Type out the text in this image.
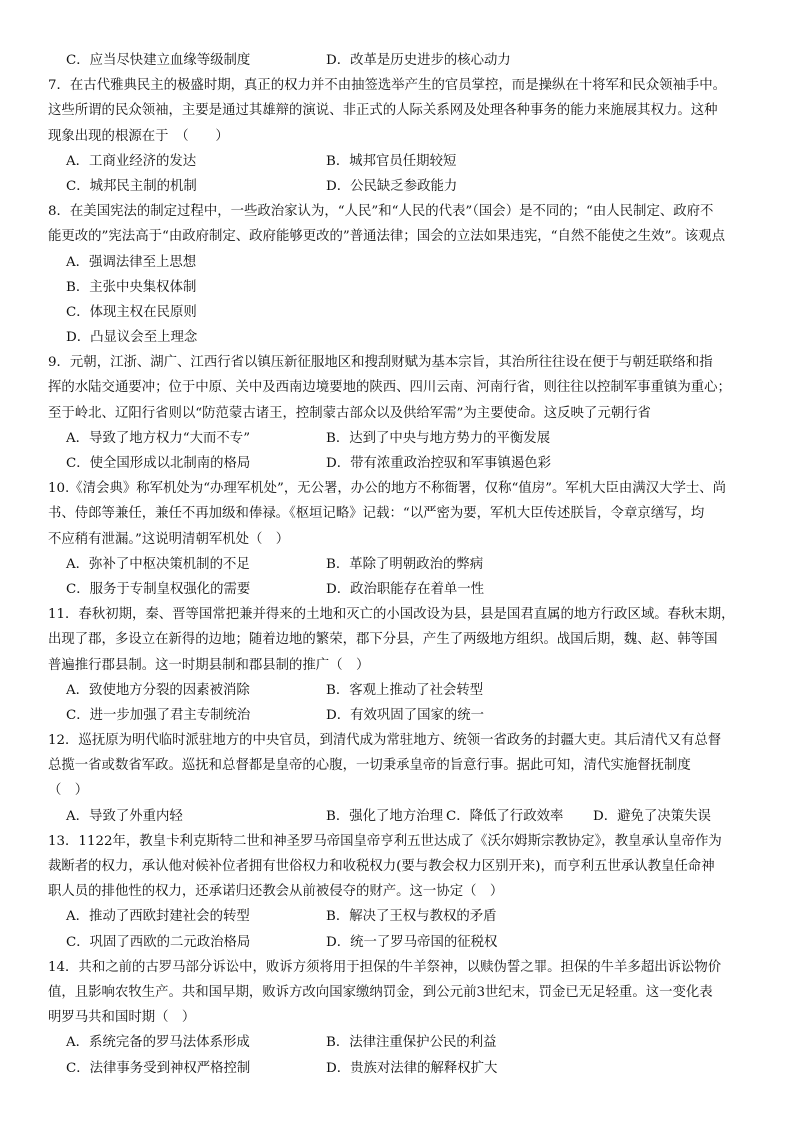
C．应当尽快建立血缘等级制度	D．改革是历史进步的核心动力
7．在古代雅典民主的极盛时期，真正的权力并不由抽签选举产生的官员掌控，而是操纵在十将军和民众领袖手中。
这些所谓的民众领袖，主要是通过其雄辩的演说、非正式的人际关系网及处理各种事务的能力来施展其权力。这种
现象出现的根源在于　（　　）
A．工商业经济的发达	B．城邦官员任期较短
C．城邦民主制的机制	D．公民缺乏参政能力
8．在美国宪法的制定过程中，一些政治家认为，“人民”和“人民的代表”（国会）是不同的；“由人民制定、政府不
能更改的”宪法高于“由政府制定、政府能够更改的”普通法律；国会的立法如果违宪，“自然不能使之生效”。该观点
A．强调法律至上思想
B．主张中央集权体制
C．体现主权在民原则
D．凸显议会至上理念
9．元朝，江浙、湖广、江西行省以镇压新征服地区和搜刮财赋为基本宗旨，其治所往往设在便于与朝廷联络和指
挥的水陆交通要冲；位于中原、关中及西南边境要地的陕西、四川云南、河南行省，则往往以控制军事重镇为重心；
至于岭北、辽阳行省则以“防范蒙古诸王，控制蒙古部众以及供给军需”为主要使命。这反映了元朝行省
A．导致了地方权力“大而不专”	B．达到了中央与地方势力的平衡发展
C．使全国形成以北制南的格局	D．带有浓重政治控驭和军事镇遏色彩
10.《清会典》称军机处为“办理军机处”，无公署，办公的地方不称衙署，仅称“值房”。军机大臣由满汉大学士、尚
书、侍郎等兼任，兼任不再加级和俸禄。《枢垣记略》记载：“以严密为要，军机大臣传述朕旨，令章京缮写，均
不应稍有泄漏。”这说明清朝军机处（　）
A．弥补了中枢决策机制的不足	B．革除了明朝政治的弊病
C．服务于专制皇权强化的需要	D．政治职能存在着单一性
11．春秋初期，秦、晋等国常把兼并得来的土地和灭亡的小国改设为县，县是国君直属的地方行政区域。春秋末期，
出现了郡，多设立在新得的边地；随着边地的繁荣，郡下分县，产生了两级地方组织。战国后期，魏、赵、韩等国
普遍推行郡县制。这一时期县制和郡县制的推广（　）
A．致使地方分裂的因素被消除	B．客观上推动了社会转型
C．进一步加强了君主专制统治	D．有效巩固了国家的统一
12．巡抚原为明代临时派驻地方的中央官员，到清代成为常驻地方、统领一省政务的封疆大吏。其后清代又有总督
总揽一省或数省军政。巡抚和总督都是皇帝的心腹，一切秉承皇帝的旨意行事。据此可知，清代实施督抚制度
（　）
A．导致了外重内轻	B．强化了地方治理 C．降低了行政效率 D．避免了决策失误
13．1122年，教皇卡利克斯特二世和神圣罗马帝国皇帝亨利五世达成了《沃尔姆斯宗教协定》，教皇承认皇帝作为
裁断者的权力，承认他对候补位者拥有世俗权力和收税权力(要与教会权力区别开来)，而亨利五世承认教皇任命神
职人员的排他性的权力，还承诺归还教会从前被侵夺的财产。这一协定（　）
A．推动了西欧封建社会的转型	B．解决了王权与教权的矛盾
C．巩固了西欧的二元政治格局	D．统一了罗马帝国的征税权
14．共和之前的古罗马部分诉讼中，败诉方须将用于担保的牛羊祭神，以赎伪誓之罪。担保的牛羊多超出诉讼物价
值，且影响农牧生产。共和国早期，败诉方改向国家缴纳罚金，到公元前3世纪末，罚金已无足轻重。这一变化表
明罗马共和国时期（　）
A．系统完备的罗马法体系形成	B．法律注重保护公民的利益
C．法律事务受到神权严格控制	D．贵族对法律的解释权扩大
